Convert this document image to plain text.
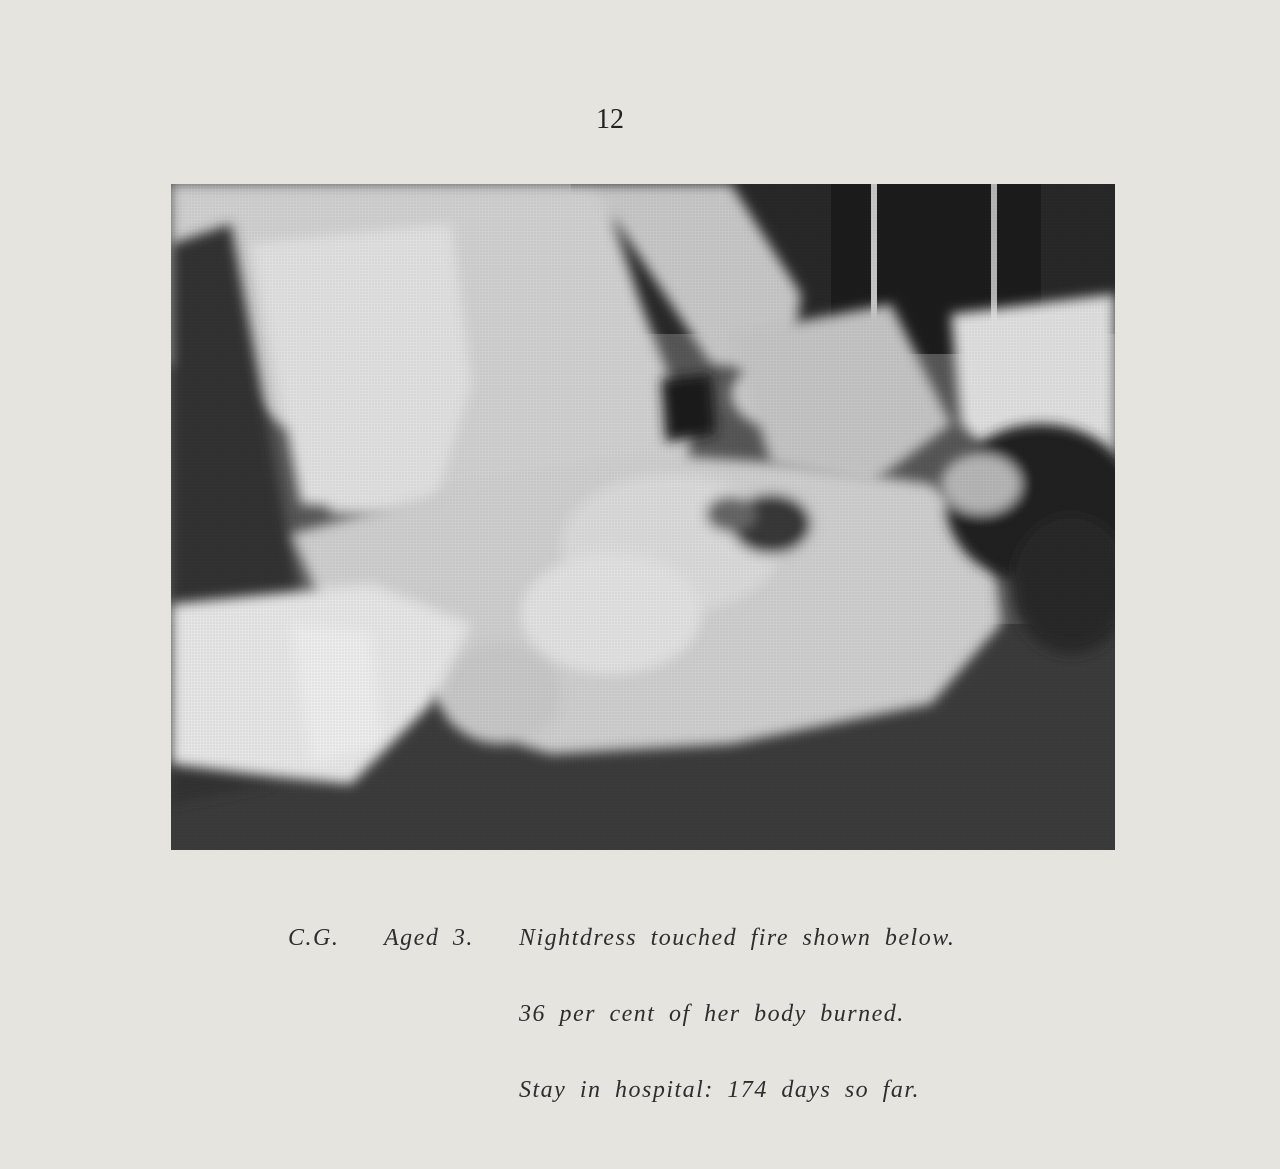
12
C.G. Aged 3. Nightdress touched fire shown below.
36 per cent of her body burned.
Stay in hospital: 174 days so far.
